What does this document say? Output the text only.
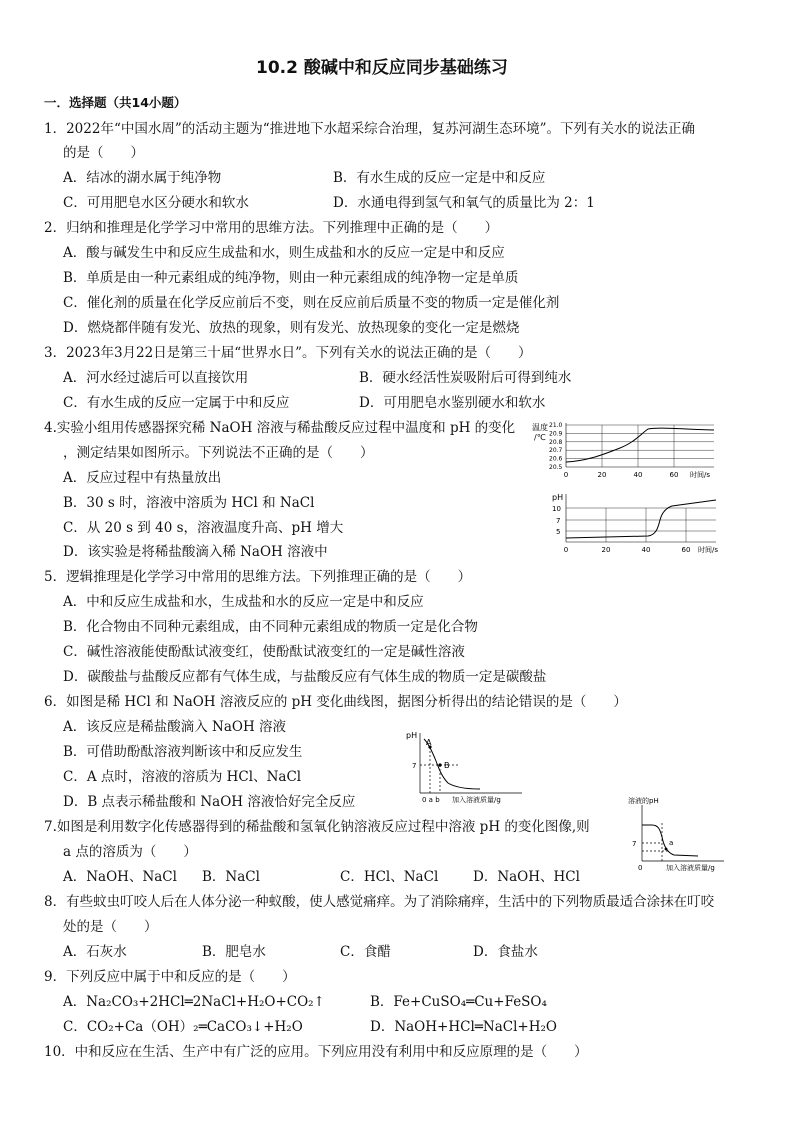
10.2 酸碱中和反应同步基础练习
一．选择题（共14小题）
1．2022年“中国水周”的活动主题为“推进地下水超采综合治理，复苏河湖生态环境”。下列有关水的说法正确
的是（　　）
A．结冰的湖水属于纯净物	B．有水生成的反应一定是中和反应
C．可用肥皂水区分硬水和软水	D．水通电得到氢气和氧气的质量比为 2：1
2．归纳和推理是化学学习中常用的思维方法。下列推理中正确的是（　　）
A．酸与碱发生中和反应生成盐和水，则生成盐和水的反应一定是中和反应
B．单质是由一种元素组成的纯净物，则由一种元素组成的纯净物一定是单质
C．催化剂的质量在化学反应前后不变，则在反应前后质量不变的物质一定是催化剂
D．燃烧都伴随有发光、放热的现象，则有发光、放热现象的变化一定是燃烧
3．2023年3月22日是第三十届“世界水日”。下列有关水的说法正确的是（　　）
A．河水经过滤后可以直接饮用	B．硬水经活性炭吸附后可得到纯水
C．有水生成的反应一定属于中和反应	D．可用肥皂水鉴别硬水和软水
4.实验小组用传感器探究稀 NaOH 溶液与稀盐酸反应过程中温度和 pH 的变化
，测定结果如图所示。下列说法不正确的是（　　）
A．反应过程中有热量放出
B．30 s 时，溶液中溶质为 HCl 和 NaCl
C．从 20 s 到 40 s，溶液温度升高、pH 增大
D．该实验是将稀盐酸滴入稀 NaOH 溶液中
温度
/℃
21.0
20.9
20.8
20.7
20.6
20.5
0	20	40	60 时间/s
pH
10
7
5
0	20	40	60 时间/s
5．逻辑推理是化学学习中常用的思维方法。下列推理正确的是（　　）
A．中和反应生成盐和水，生成盐和水的反应一定是中和反应
B．化合物由不同种元素组成，由不同种元素组成的物质一定是化合物
C．碱性溶液能使酚酞试液变红，使酚酞试液变红的一定是碱性溶液
D．碳酸盐与盐酸反应都有气体生成，与盐酸反应有气体生成的物质一定是碳酸盐
6．如图是稀 HCl 和 NaOH 溶液反应的 pH 变化曲线图，据图分析得出的结论错误的是（　　）
A．该反应是稀盐酸滴入 NaOH 溶液
B．可借助酚酞溶液判断该中和反应发生
C．A 点时，溶液的溶质为 HCl、NaCl
D．B 点表示稀盐酸和 NaOH 溶液恰好完全反应
pH
A
B
7
0 a b 加入溶液质量/g
7.如图是利用数字化传感器得到的稀盐酸和氢氧化钠溶液反应过程中溶液 pH 的变化图像,则
a 点的溶质为（　　）
A．NaOH、NaCl B．NaCl	C．HCl、NaCl	D．NaOH、HCl
溶液的pH
7	a
0	加入溶液质量/g
8．有些蚊虫叮咬人后在人体分泌一种蚁酸，使人感觉痛痒。为了消除痛痒，生活中的下列物质最适合涂抹在叮咬
处的是（　　）
A．石灰水	B．肥皂水	C．食醋	D．食盐水
9．下列反应中属于中和反应的是（　　）
A．Na₂CO₃+2HCl═2NaCl+H₂O+CO₂↑	B．Fe+CuSO₄═Cu+FeSO₄
C．CO₂+Ca（OH）₂═CaCO₃↓+H₂O	D．NaOH+HCl═NaCl+H₂O
10．中和反应在生活、生产中有广泛的应用。下列应用没有利用中和反应原理的是（　　）
